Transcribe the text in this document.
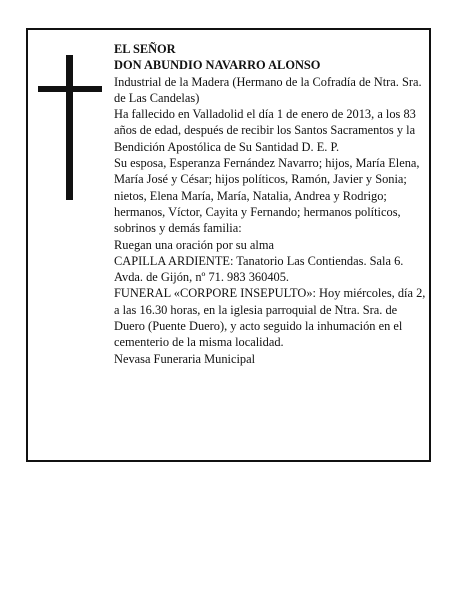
EL SEÑOR

DON ABUNDIO NAVARRO ALONSO

Industrial de la Madera (Hermano de la Cofradía de Ntra. Sra. de Las Candelas)

Ha fallecido en Valladolid el día 1 de enero de 2013, a los 83 años de edad, después de recibir los Santos Sacramentos y la Bendición Apostólica de Su Santidad D. E. P.

Su esposa, Esperanza Fernández Navarro; hijos, María Elena, María José y César; hijos políticos, Ramón, Javier y Sonia; nietos, Elena María, María, Natalia, Andrea y Rodrigo; hermanos, Víctor, Cayita y Fernando; hermanos políticos, sobrinos y demás familia:

Ruegan una oración por su alma

CAPILLA ARDIENTE: Tanatorio Las Contiendas. Sala 6. Avda. de Gijón, nº 71. 983 360405.

FUNERAL «CORPORE INSEPULTO»: Hoy miércoles, día 2, a las 16.30 horas, en la iglesia parroquial de Ntra. Sra. de Duero (Puente Duero), y acto seguido la inhumación en el cementerio de la misma localidad.

Nevasa Funeraria Municipal
